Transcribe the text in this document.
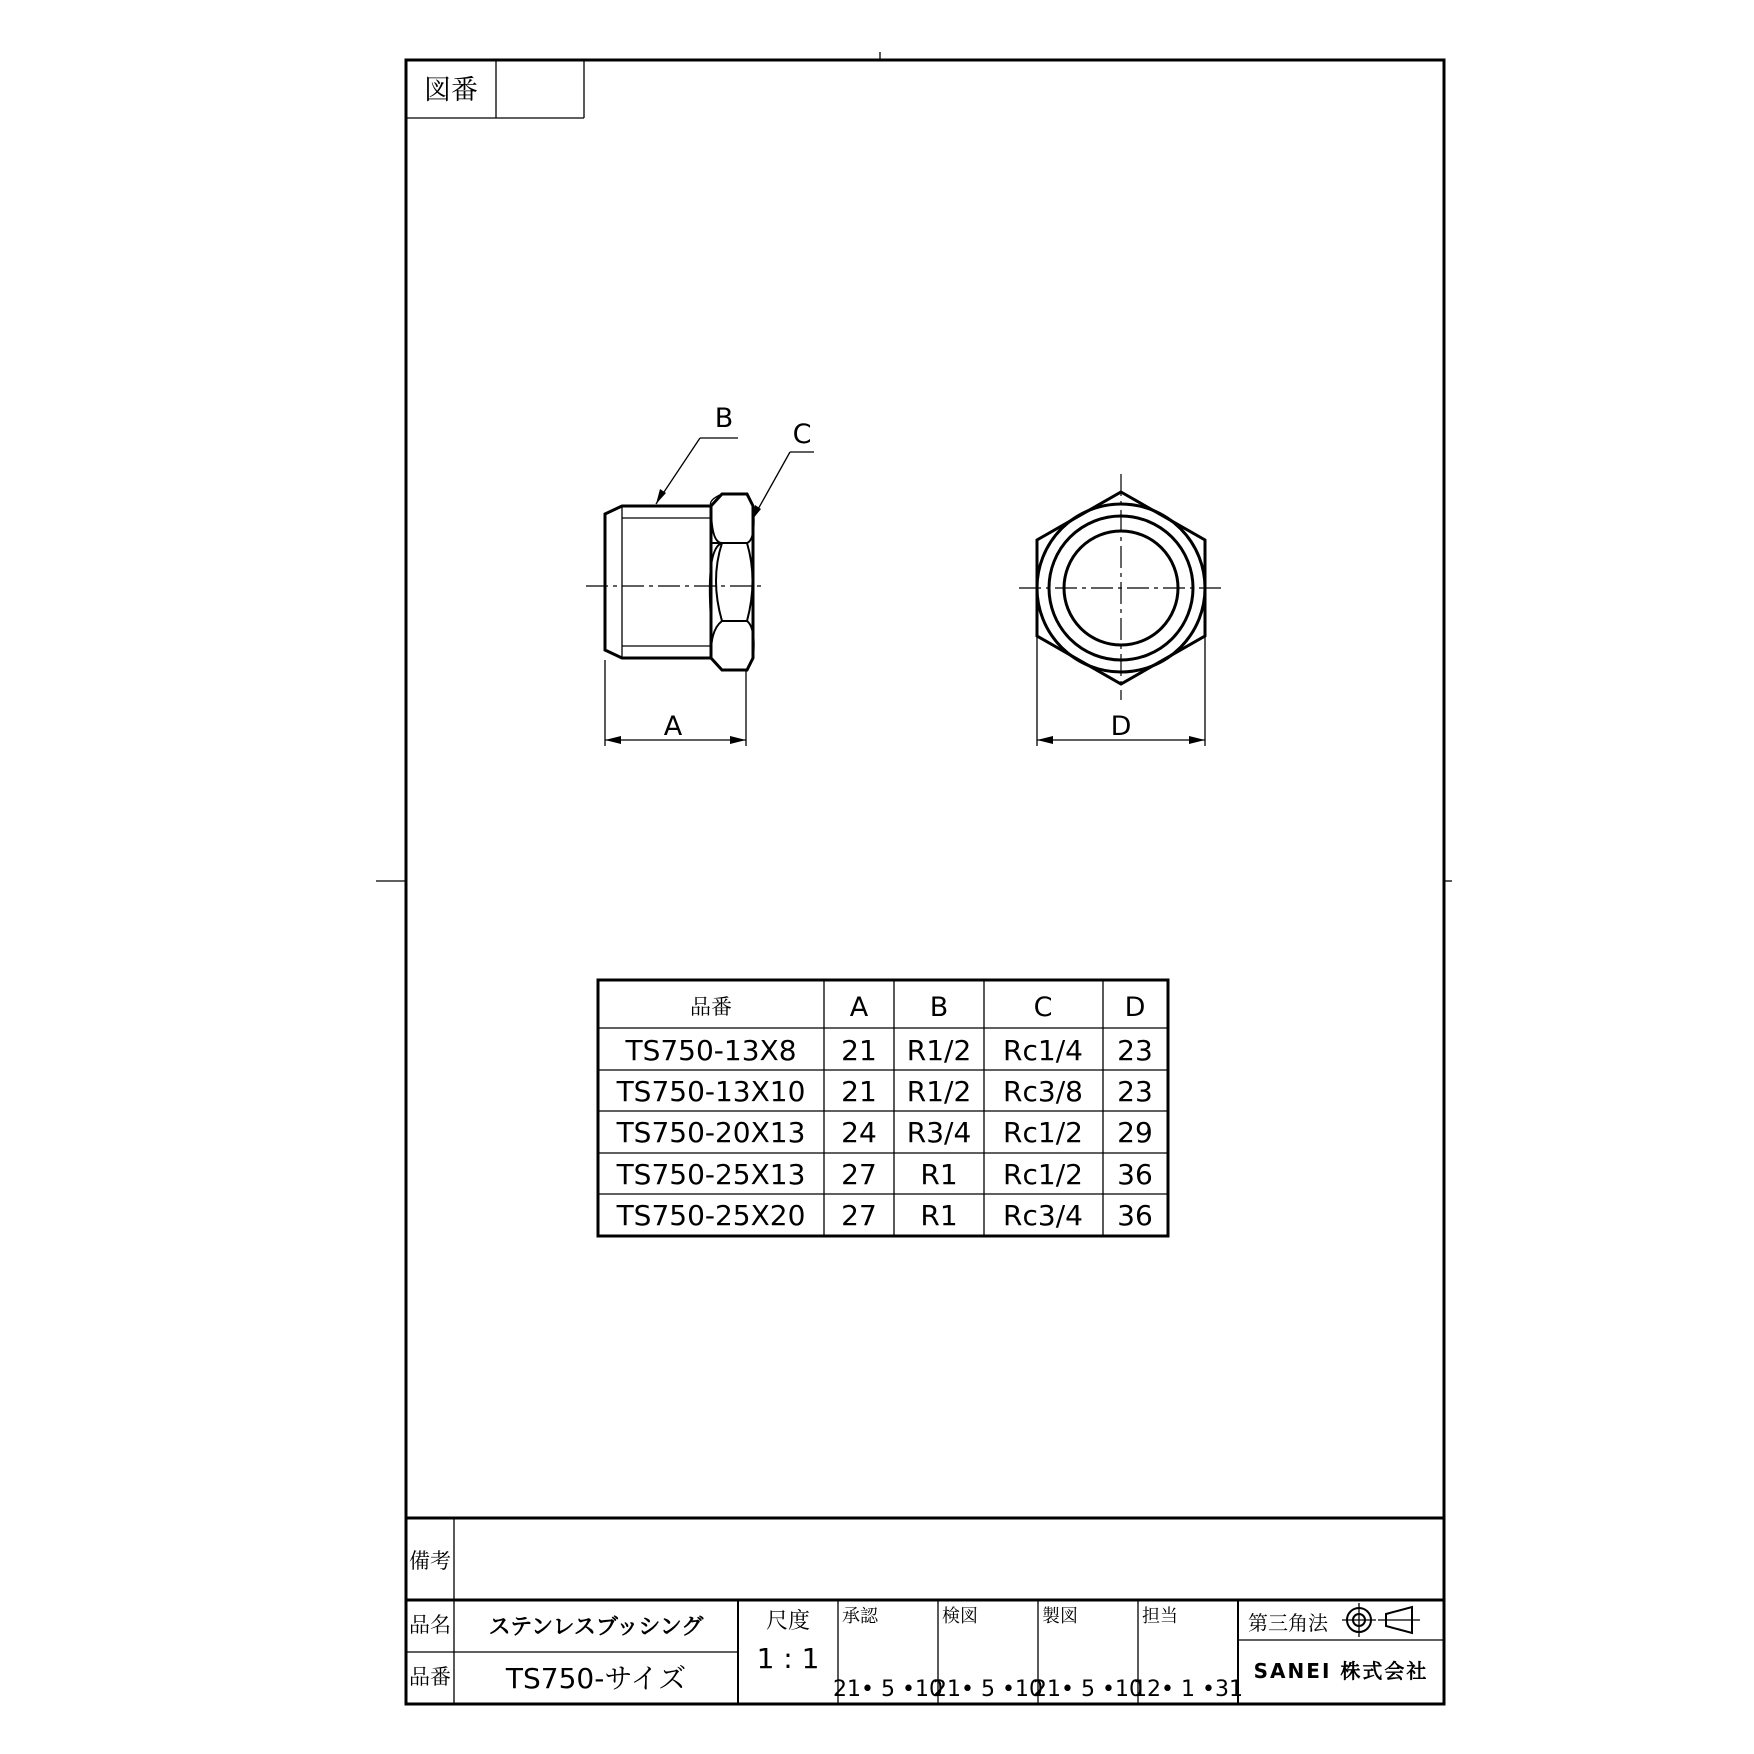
図番
B
C
A	D
品番	A B	C	D
TS750-13X8 21 R1/2 Rc1/4 23
TS750-13X10 21 R1/2 Rc3/8 23
TS750-20X13 24 R3/4 Rc1/2 29
TS750-25X13 27 R1 Rc1/2 36
TS750-25X20 27 R1 Rc3/4 36
備考
品名 ステンレスブッシング
品番 TS750-サイズ
尺度
1 : 1
承認
21• 5 •10
検図
21• 5 •10
製図
21• 5 •10
担当
12• 1 •31
第三角法
SANEI 株式会社
